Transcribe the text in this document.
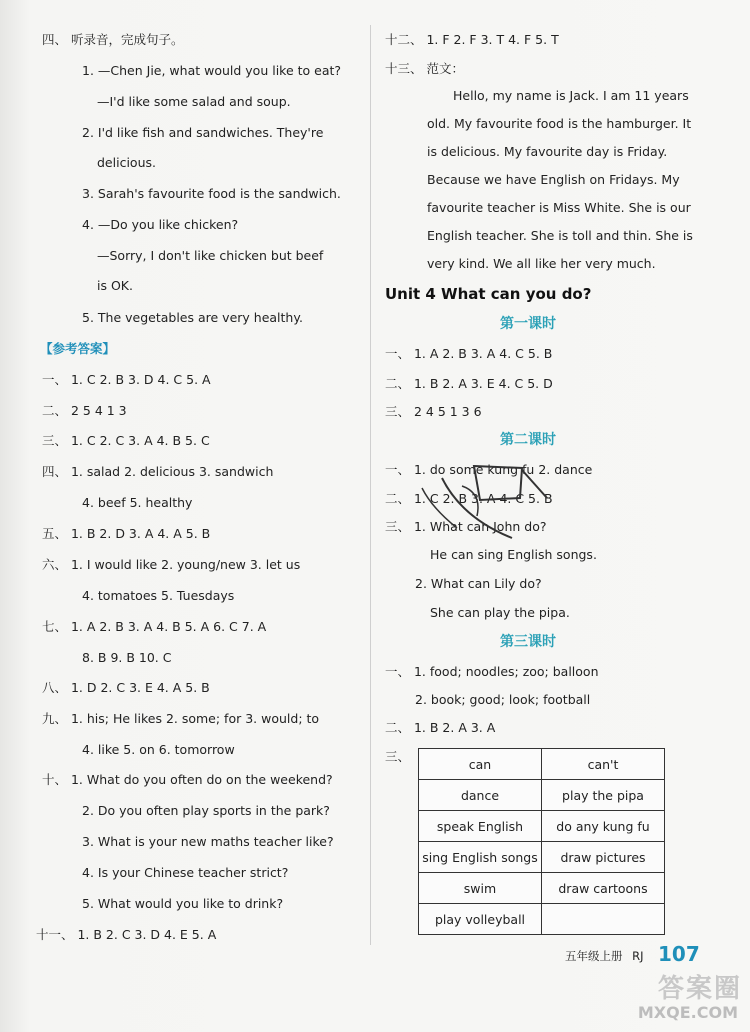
四、 听录音，完成句子。
1. —Chen Jie, what would you like to eat?
—I'd like some salad and soup.
2. I'd like fish and sandwiches. They're
delicious.
3. Sarah's favourite food is the sandwich.
4. —Do you like chicken?
—Sorry, I don't like chicken but beef
is OK.
5. The vegetables are very healthy.
【参考答案】
一、 1. C 2. B 3. D 4. C 5. A
二、 2 5 4 1 3
三、 1. C 2. C 3. A 4. B 5. C
四、 1. salad 2. delicious 3. sandwich
4. beef 5. healthy
五、 1. B 2. D 3. A 4. A 5. B
六、 1. I would like 2. young/new 3. let us
4. tomatoes 5. Tuesdays
七、 1. A 2. B 3. A 4. B 5. A 6. C 7. A
8. B 9. B 10. C
八、 1. D 2. C 3. E 4. A 5. B
九、 1. his; He likes 2. some; for 3. would; to
4. like 5. on 6. tomorrow
十、 1. What do you often do on the weekend?
2. Do you often play sports in the park?
3. What is your new maths teacher like?
4. Is your Chinese teacher strict?
5. What would you like to drink?
十一、 1. B 2. C 3. D 4. E 5. A
十二、 1. F 2. F 3. T 4. F 5. T
十三、 范文：
Hello, my name is Jack. I am 11 years
old. My favourite food is the hamburger. It
is delicious. My favourite day is Friday.
Because we have English on Fridays. My
favourite teacher is Miss White. She is our
English teacher. She is toll and thin. She is
very kind. We all like her very much.
Unit 4 What can you do?
第一课时
一、 1. A 2. B 3. A 4. C 5. B
二、 1. B 2. A 3. E 4. C 5. D
三、 2 4 5 1 3 6
第二课时
一、 1. do some kung fu 2. dance
二、 1. C 2. B 3. A 4. C 5. B
三、 1. What can John do?
He can sing English songs.
2. What can Lily do?
She can play the pipa.
第三课时
一、 1. food; noodles; zoo; balloon
2. book; good; look; football
二、 1. B 2. A 3. A
三、	can	can't
dance	play the pipa
speak English	do any kung fu
sing English songs	draw pictures
swim	draw cartoons
play volleyball	
五年级上册 RJ 107
答案圈
MXQE.COM
